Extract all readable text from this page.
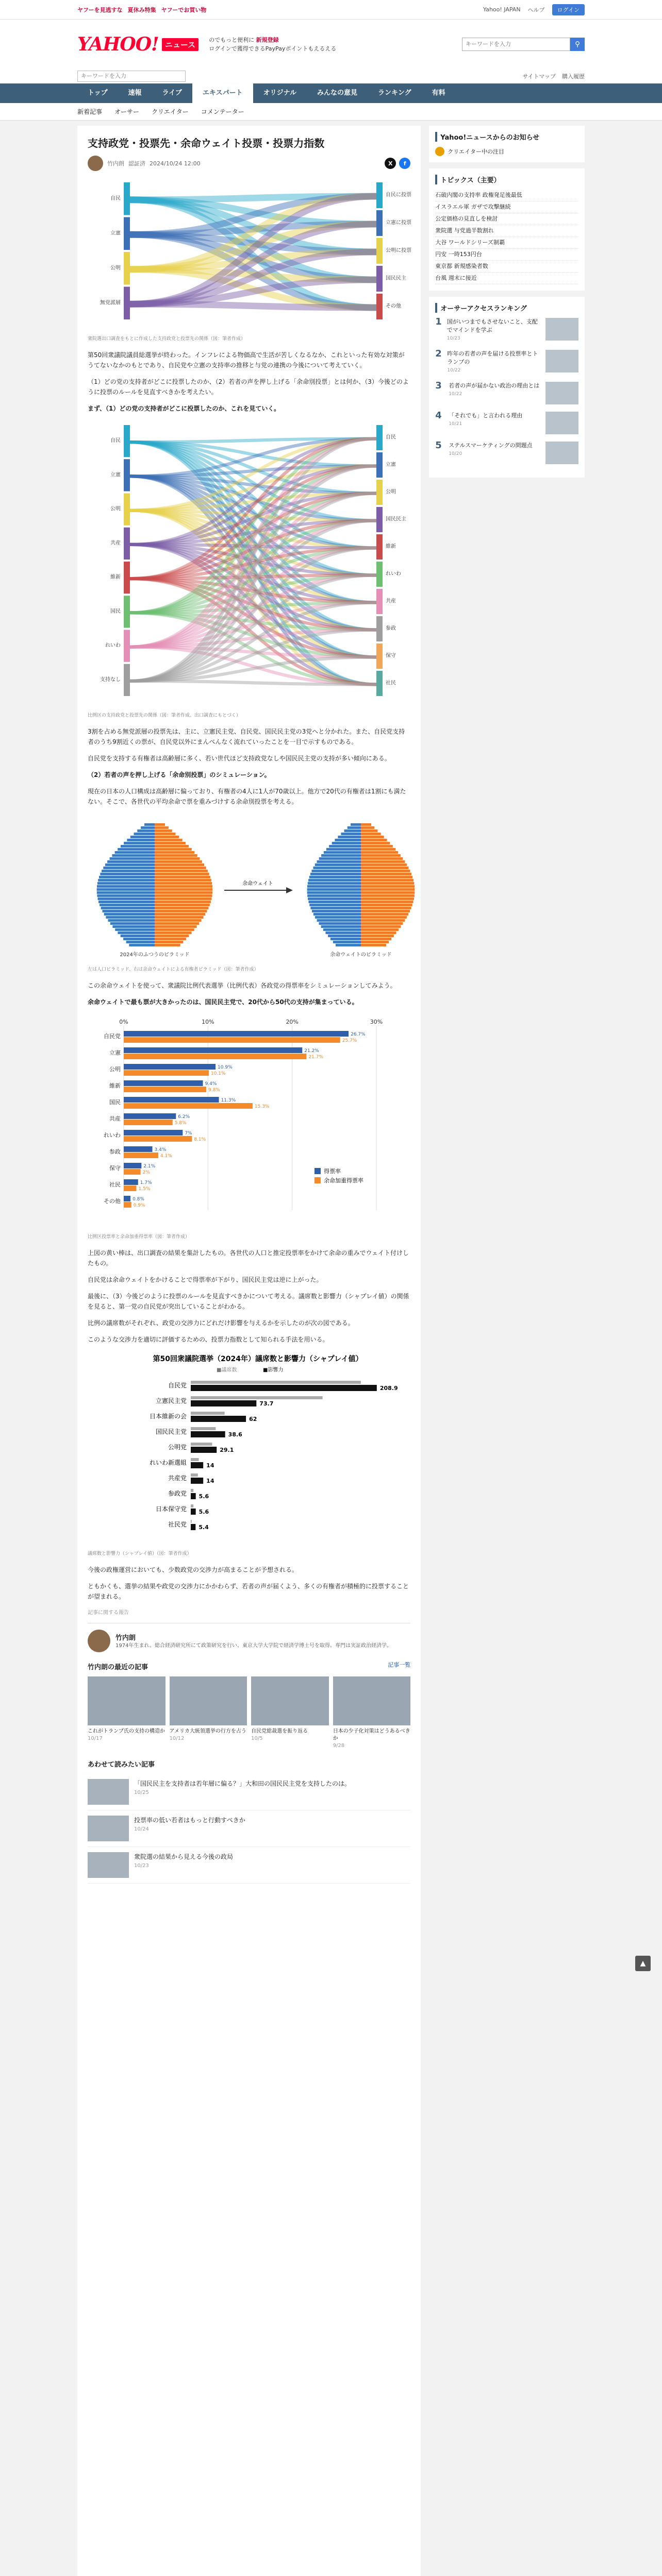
ヤフーを見逃すな 夏休み特集 ヤフーでお買い物	Yahoo! JAPAN ヘルプ	ログイン
YAHOO! ニュース
のでもっと便利に 新規登録
ログインで獲得できるPayPayポイントもえるえる
キーワードを入力
⚲
キーワードを入力
サイトマップ 購入履歴
トップ	速報	ライブ	エキスパート	オリジナル	みんなの意見	ランキング	有料
新着記事 オーサー クリエイター コメンテーター
支持政党・投票先・余命ウェイト投票・投票力指数
竹内朗 認証済 2024/10/24 12:00	X	f
自民
立憲
公明
無党派層
自民に投票
立憲に投票
公明に投票
国民民主
その他
衆院選出口調査をもとに作成した支持政党と投票先の関係（図：筆者作成）

第50回衆議院議員総選挙が終わった。インフレによる物価高で生活が苦しくなるなか、これといった有効な対策がうてないなかのもとであり、自民党や立憲の支持率の推移と与党の連携の今後について考えていく。

（1）どの党の支持者がどこに投票したのか、（2）若者の声を押し上げる「余命別投票」とは何か、（3）今後どのように投票のルールを見直すべきかを考えたい。

まず、（1）どの党の支持者がどこに投票したのか、これを見ていく。

自民
立憲
公明
共産
維新
国民
れいわ
支持なし
自民
立憲
公明
国民民主
維新
れいわ
共産
参政
保守
社民
比例区の支持政党と投票先の関係（図：筆者作成、出口調査にもとづく）

3割を占める無党派層の投票先は、主に、立憲民主党、自民党、国民民主党の3党へと分かれた。また、自民党支持者のうち9割近くの票が、自民党以外にまんべんなく流れていったことを一目で示すものである。

自民党を支持する有権者は高齢層に多く、若い世代ほど支持政党なしや国民民主党の支持が多い傾向にある。

（2）若者の声を押し上げる「余命別投票」のシミュレーション。

現在の日本の人口構成は高齢層に偏っており、有権者の4人に1人が70歳以上。他方で20代の有権者は1割にも満たない。そこで、各世代の平均余命で票を重みづけする余命別投票を考える。

2024年のふつうのピラミッド	余命ウェイトのピラミッド
余命ウェイト
左は人口ピラミッド、右は余命ウェイトによる有権者ピラミッド（図：筆者作成）

この余命ウェイトを使って、衆議院比例代表選挙（比例代表）各政党の得票率をシミュレーションしてみよう。

余命ウェイトで最も票が大きかったのは、国民民主党で、20代から50代の支持が集まっている。

0%	10%	20%	30%
自民党	26.7%
25.7%
立憲	21.2%
21.7%
公明	10.9%
10.1%
維新	9.4%
9.8%
国民	11.3%
15.3%
共産	6.2%
5.8%
れいわ	7%
8.1%
参政	3.4%
4.1%
保守	2.1%
2%
社民	1.7%
1.5%
その他	0.8%
0.9%
得票率
余命加重得票率
比例区投票率と余命加重得票率（図：筆者作成）

上図の黄い棒は、出口調査の結果を集計したもの。各世代の人口と推定投票率をかけて余命の重みでウェイト付けしたもの。

自民党は余命ウェイトをかけることで得票率が下がり、国民民主党は逆に上がった。

最後に、（3）今後どのように投票のルールを見直すべきかについて考える。議席数と影響力（シャプレイ値）の関係を見ると、第一党の自民党が突出していることがわかる。

比例の議席数がそれぞれ、政党の交渉力にどれだけ影響を与えるかを示したのが次の図である。

このような交渉力を適切に評価するための、投票力指数として知られる手法を用いる。

第50回衆議院選挙（2024年）議席数と影響力（シャプレイ値）
■議席数	■影響力
自民党	208.9
立憲民主党	73.7
日本維新の会	62
国民民主党	38.6
公明党	29.1
れいわ新選組	14
共産党	14
参政党 5.6
日本保守党 5.6
社民党 5.4
議席数と影響力（シャプレイ値）（図：筆者作成）

今後の政権運営においても、少数政党の交渉力が高まることが予想される。

ともかくも、選挙の結果や政党の交渉力にかかわらず、若者の声が届くよう、多くの有権者が積極的に投票することが望まれる。

記事に関する報告
竹内朗
1974年生まれ。総合経済研究所にて政策研究を行い、東京大学大学院で経済学博士号を取得。専門は実証政治経済学。
竹内朗の最近の記事	記事一覧
これがトランプ氏の支持の構造か
10/17
アメリカ大統領選挙の行方を占う
10/12
自民党総裁選を振り返る
10/5
日本の少子化対策はどうあるべきか
9/28
あわせて読みたい記事
「国民民主を支持者は若年層に偏る？」大和田の国民民主党を支持したのは。
10/25
投票率の低い若者はもっと行動すべきか
10/24
衆院選の結果から見える今後の政局
10/23
Yahoo!ニュースからのお知らせ
クリエイター中の注目
トピックス（主要）
石破内閣の支持率 政権発足後最低
イスラエル軍 ガザで攻撃継続
公定価格の見直しを検討
衆院選 与党過半数割れ
大谷 ワールドシリーズ制覇
円安 一時153円台
東京都 新規感染者数
台風 週末に接近
オーサーアクセスランキング
1 国がいつまでもさせないこと、支配でマインドを学ぶ
10/23
2 昨年の若者の声を届ける投票率とトランプの
10/22
3	若者の声が届かない政治の理由とは
10/22
4	「それでも」と言われる理由
10/21
5	ステルスマーケティングの問題点
10/20
▲
